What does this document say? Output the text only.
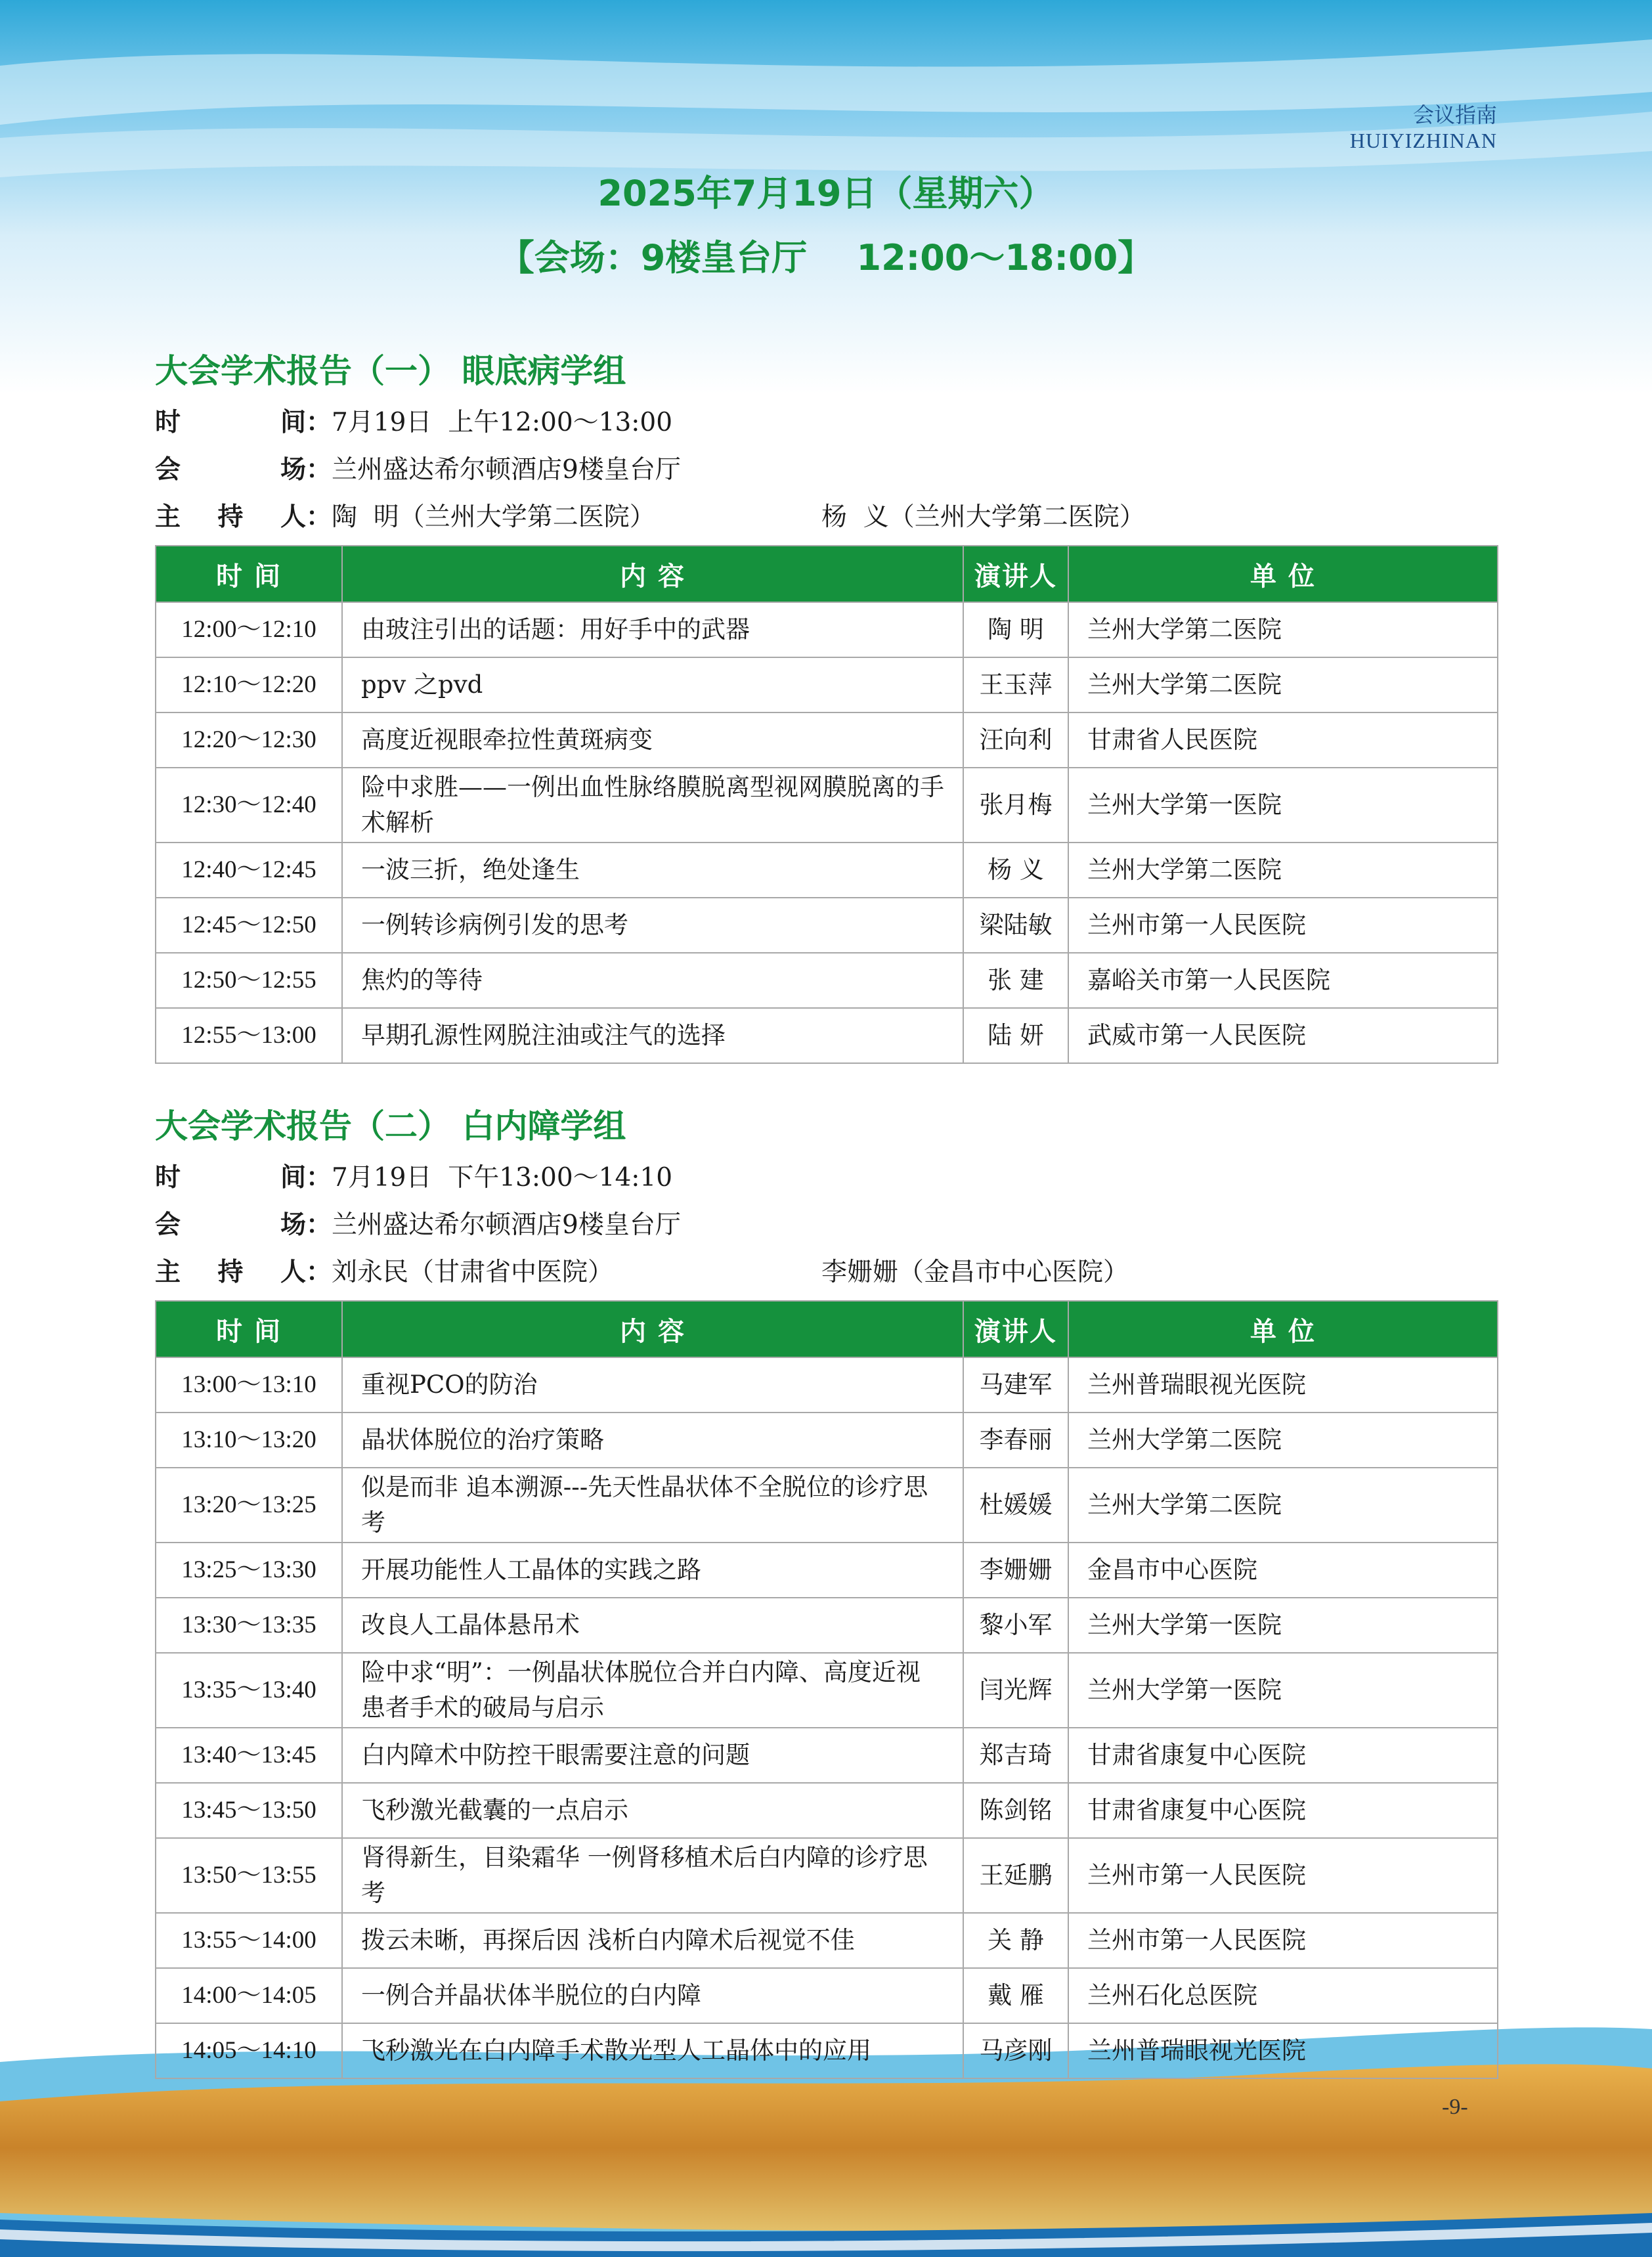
会议指南
HUIYIZHINAN
2025年7月19日（星期六）
【会场：9楼皇台厅    12:00～18:00】
大会学术报告（一） 眼底病学组
时	间 ： 7月19日  上午12:00～13:00
会	场 ： 兰州盛达希尔顿酒店9楼皇台厅
主 持 人 ： 陶  明（兰州大学第二医院）	杨  义（兰州大学第二医院）
时 间	内 容	演讲人	单 位
12:00～12:10	由玻注引出的话题：用好手中的武器	陶 明	兰州大学第二医院
12:10～12:20	ppv 之pvd	王玉萍	兰州大学第二医院
12:20～12:30	高度近视眼牵拉性黄斑病变	汪向利	甘肃省人民医院
12:30～12:40	险中求胜——一例出血性脉络膜脱离型视网膜脱离的手术解析	张月梅	兰州大学第一医院
12:40～12:45	一波三折，绝处逢生	杨 义	兰州大学第二医院
12:45～12:50	一例转诊病例引发的思考	梁陆敏	兰州市第一人民医院
12:50～12:55	焦灼的等待	张 建	嘉峪关市第一人民医院
12:55～13:00	早期孔源性网脱注油或注气的选择	陆 妍	武威市第一人民医院
大会学术报告（二） 白内障学组
时	间 ： 7月19日  下午13:00～14:10
会	场 ： 兰州盛达希尔顿酒店9楼皇台厅
主 持 人 ： 刘永民（甘肃省中医院）	李姗姗（金昌市中心医院）
时 间	内 容	演讲人	单 位
13:00～13:10	重视PCO的防治	马建军	兰州普瑞眼视光医院
13:10～13:20	晶状体脱位的治疗策略	李春丽	兰州大学第二医院
13:20～13:25	似是而非 追本溯源---先天性晶状体不全脱位的诊疗思考	杜媛媛	兰州大学第二医院
13:25～13:30	开展功能性人工晶体的实践之路	李姗姗	金昌市中心医院
13:30～13:35	改良人工晶体悬吊术	黎小军	兰州大学第一医院
13:35～13:40	险中求“明”：一例晶状体脱位合并白内障、高度近视患者手术的破局与启示	闫光辉	兰州大学第一医院
13:40～13:45	白内障术中防控干眼需要注意的问题	郑吉琦	甘肃省康复中心医院
13:45～13:50	飞秒激光截囊的一点启示	陈剑铭	甘肃省康复中心医院
13:50～13:55	肾得新生，目染霜华 一例肾移植术后白内障的诊疗思考	王延鹏	兰州市第一人民医院
13:55～14:00	拨云未晰，再探后因 浅析白内障术后视觉不佳	关 静	兰州市第一人民医院
14:00～14:05	一例合并晶状体半脱位的白内障	戴 雁	兰州石化总医院
14:05～14:10	飞秒激光在白内障手术散光型人工晶体中的应用	马彦刚	兰州普瑞眼视光医院
-9-
